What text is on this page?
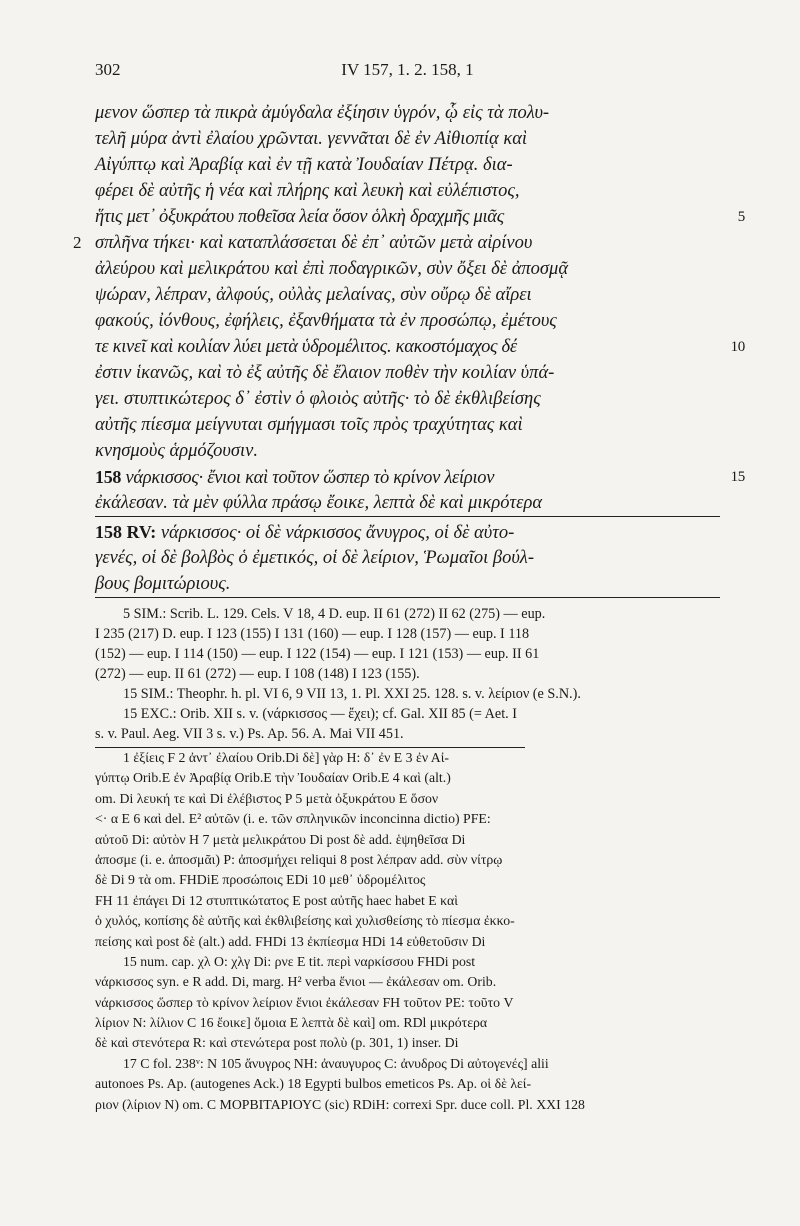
302	IV 157, 1. 2. 158, 1
μενον ὥσπερ τὰ πικρὰ ἀμύγδαλα ἐξίησιν ὑγρόν, ᾧ εἰς τὰ πολυ-
τελῆ μύρα ἀντὶ ἐλαίου χρῶνται. γεννᾶται δὲ ἐν Αἰθιοπίᾳ καὶ
Αἰγύπτῳ καὶ Ἀραβίᾳ καὶ ἐν τῇ κατὰ Ἰουδαίαν Πέτρᾳ. δια-
φέρει δὲ αὐτῆς ἡ νέα καὶ πλήρης καὶ λευκὴ καὶ εὐλέπιστος,
ἥτις μετ᾽ ὀξυκράτου ποθεῖσα λεία ὅσον ὁλκὴ δραχμῆς μιᾶς	5
2 σπλῆνα τήκει· καὶ καταπλάσσεται δὲ ἐπ᾽ αὐτῶν μετὰ αἰρίνου
ἀλεύρου καὶ μελικράτου καὶ ἐπὶ ποδαγρικῶν, σὺν ὄξει δὲ ἀποσμᾷ
ψώραν, λέπραν, ἀλφούς, οὐλὰς μελαίνας, σὺν οὔρῳ δὲ αἴρει
φακούς, ἰόνθους, ἐφήλεις, ἐξανθήματα τὰ ἐν προσώπῳ, ἐμέτους
τε κινεῖ καὶ κοιλίαν λύει μετὰ ὑδρομέλιτος. κακοστόμαχος δέ	10
ἐστιν ἱκανῶς, καὶ τὸ ἐξ αὐτῆς δὲ ἔλαιον ποθὲν τὴν κοιλίαν ὑπά-
γει. στυπτικώτερος δ᾽ ἐστὶν ὁ φλοιὸς αὐτῆς· τὸ δὲ ἐκθλιβείσης
αὐτῆς πίεσμα μείγνυται σμήγμασι τοῖς πρὸς τραχύτητας καὶ
κνησμοὺς ἁρμόζουσιν.
158 νάρκισσος· ἔνιοι καὶ τοῦτον ὥσπερ τὸ κρίνον λείριον	15
ἐκάλεσαν. τὰ μὲν φύλλα πράσῳ ἔοικε, λεπτὰ δὲ καὶ μικρότερα
158 RV: νάρκισσος· οἱ δὲ νάρκισσος ἄνυγρος, οἱ δὲ αὐτο-
γενές, οἱ δὲ βολβὸς ὁ ἐμετικός, οἱ δὲ λείριον, Ῥωμαῖοι βούλ-
βους βομιτώριους.
5 SIM.: Scrib. L. 129. Cels. V 18, 4 D. eup. II 61 (272) II 62 (275) — eup.
I 235 (217) D. eup. I 123 (155) I 131 (160) — eup. I 128 (157) — eup. I 118
(152) — eup. I 114 (150) — eup. I 122 (154) — eup. I 121 (153) — eup. II 61
(272) — eup. II 61 (272) — eup. I 108 (148) I 123 (155).
15 SIM.: Theophr. h. pl. VI 6, 9 VII 13, 1. Pl. XXI 25. 128. s. v. λείριον (e S.N.).
15 EXC.: Orib. XII s. v. (νάρκισσος — ἔχει); cf. Gal. XII 85 (= Aet. I
s. v. Paul. Aeg. VII 3 s. v.) Ps. Ap. 56. A. Mai VII 451.
1 ἐξίεις F 2 ἀντ᾽ ἐλαίου Orib.Di δὲ] γὰρ H: δ᾽ ἐν E 3 ἐν Αἰ-
γύπτῳ Orib.E ἐν Ἀραβίᾳ Orib.E τὴν Ἰουδαίαν Orib.E 4 καὶ (alt.)
om. Di λευκή τε καὶ Di ἐλέβιστος P 5 μετὰ ὀξυκράτου E ὅσον
<· α E 6 καὶ del. E² αὐτῶν (i. e. τῶν σπληνικῶν inconcinna dictio) PFE:
αὐτοῦ Di: αὐτὸν H 7 μετὰ μελικράτου Di post δὲ add. ἑψηθεῖσα Di
ἀποσμε (i. e. ἀποσμᾶι) P: ἀποσμήχει reliqui 8 post λέπραν add. σὺν νίτρῳ
δὲ Di 9 τὰ om. FHDiE προσώποις EDi 10 μεθ᾽ ὑδρομέλιτος
FH 11 ἐπάγει Di 12 στυπτικώτατος E post αὐτῆς haec habet E καὶ
ὁ χυλός, κοπίσης δὲ αὐτῆς καὶ ἐκθλιβείσης καὶ χυλισθείσης τὸ πίεσμα ἐκκο-
πείσης καὶ post δὲ (alt.) add. FHDi 13 ἐκπίεσμα HDi 14 εὐθετοῦσιν Di
15 num. cap. χλ O: χλγ Di: ρνε E tit. περὶ ναρκίσσου FHDi post
νάρκισσος syn. e R add. Di, marg. H² verba ἔνιοι — ἐκάλεσαν om. Orib.
νάρκισσος ὥσπερ τὸ κρίνον λείριον ἔνιοι ἐκάλεσαν FH τοῦτον PE: τοῦτο V
λίριον N: λίλιον C 16 ἔοικε] ὅμοια E λεπτὰ δὲ καὶ] om. RDl μικρότερα
δὲ καὶ στενότερα R: καὶ στενώτερα post πολὺ (p. 301, 1) inser. Di
17 C fol. 238ᵛ: N 105 ἄνυγρος NH: ἀναυγυρος C: ἀνυδρος Di αὐτογενές] alii
autonoes Ps. Ap. (autogenes Ack.) 18 Egypti bulbos emeticos Ps. Ap. οἱ δὲ λεί-
ριον (λίριον N) om. C ΜΟΡΒΙΤΑΡΙΟΥC (sic) RDiH: correxi Spr. duce coll. Pl. XXI 128
